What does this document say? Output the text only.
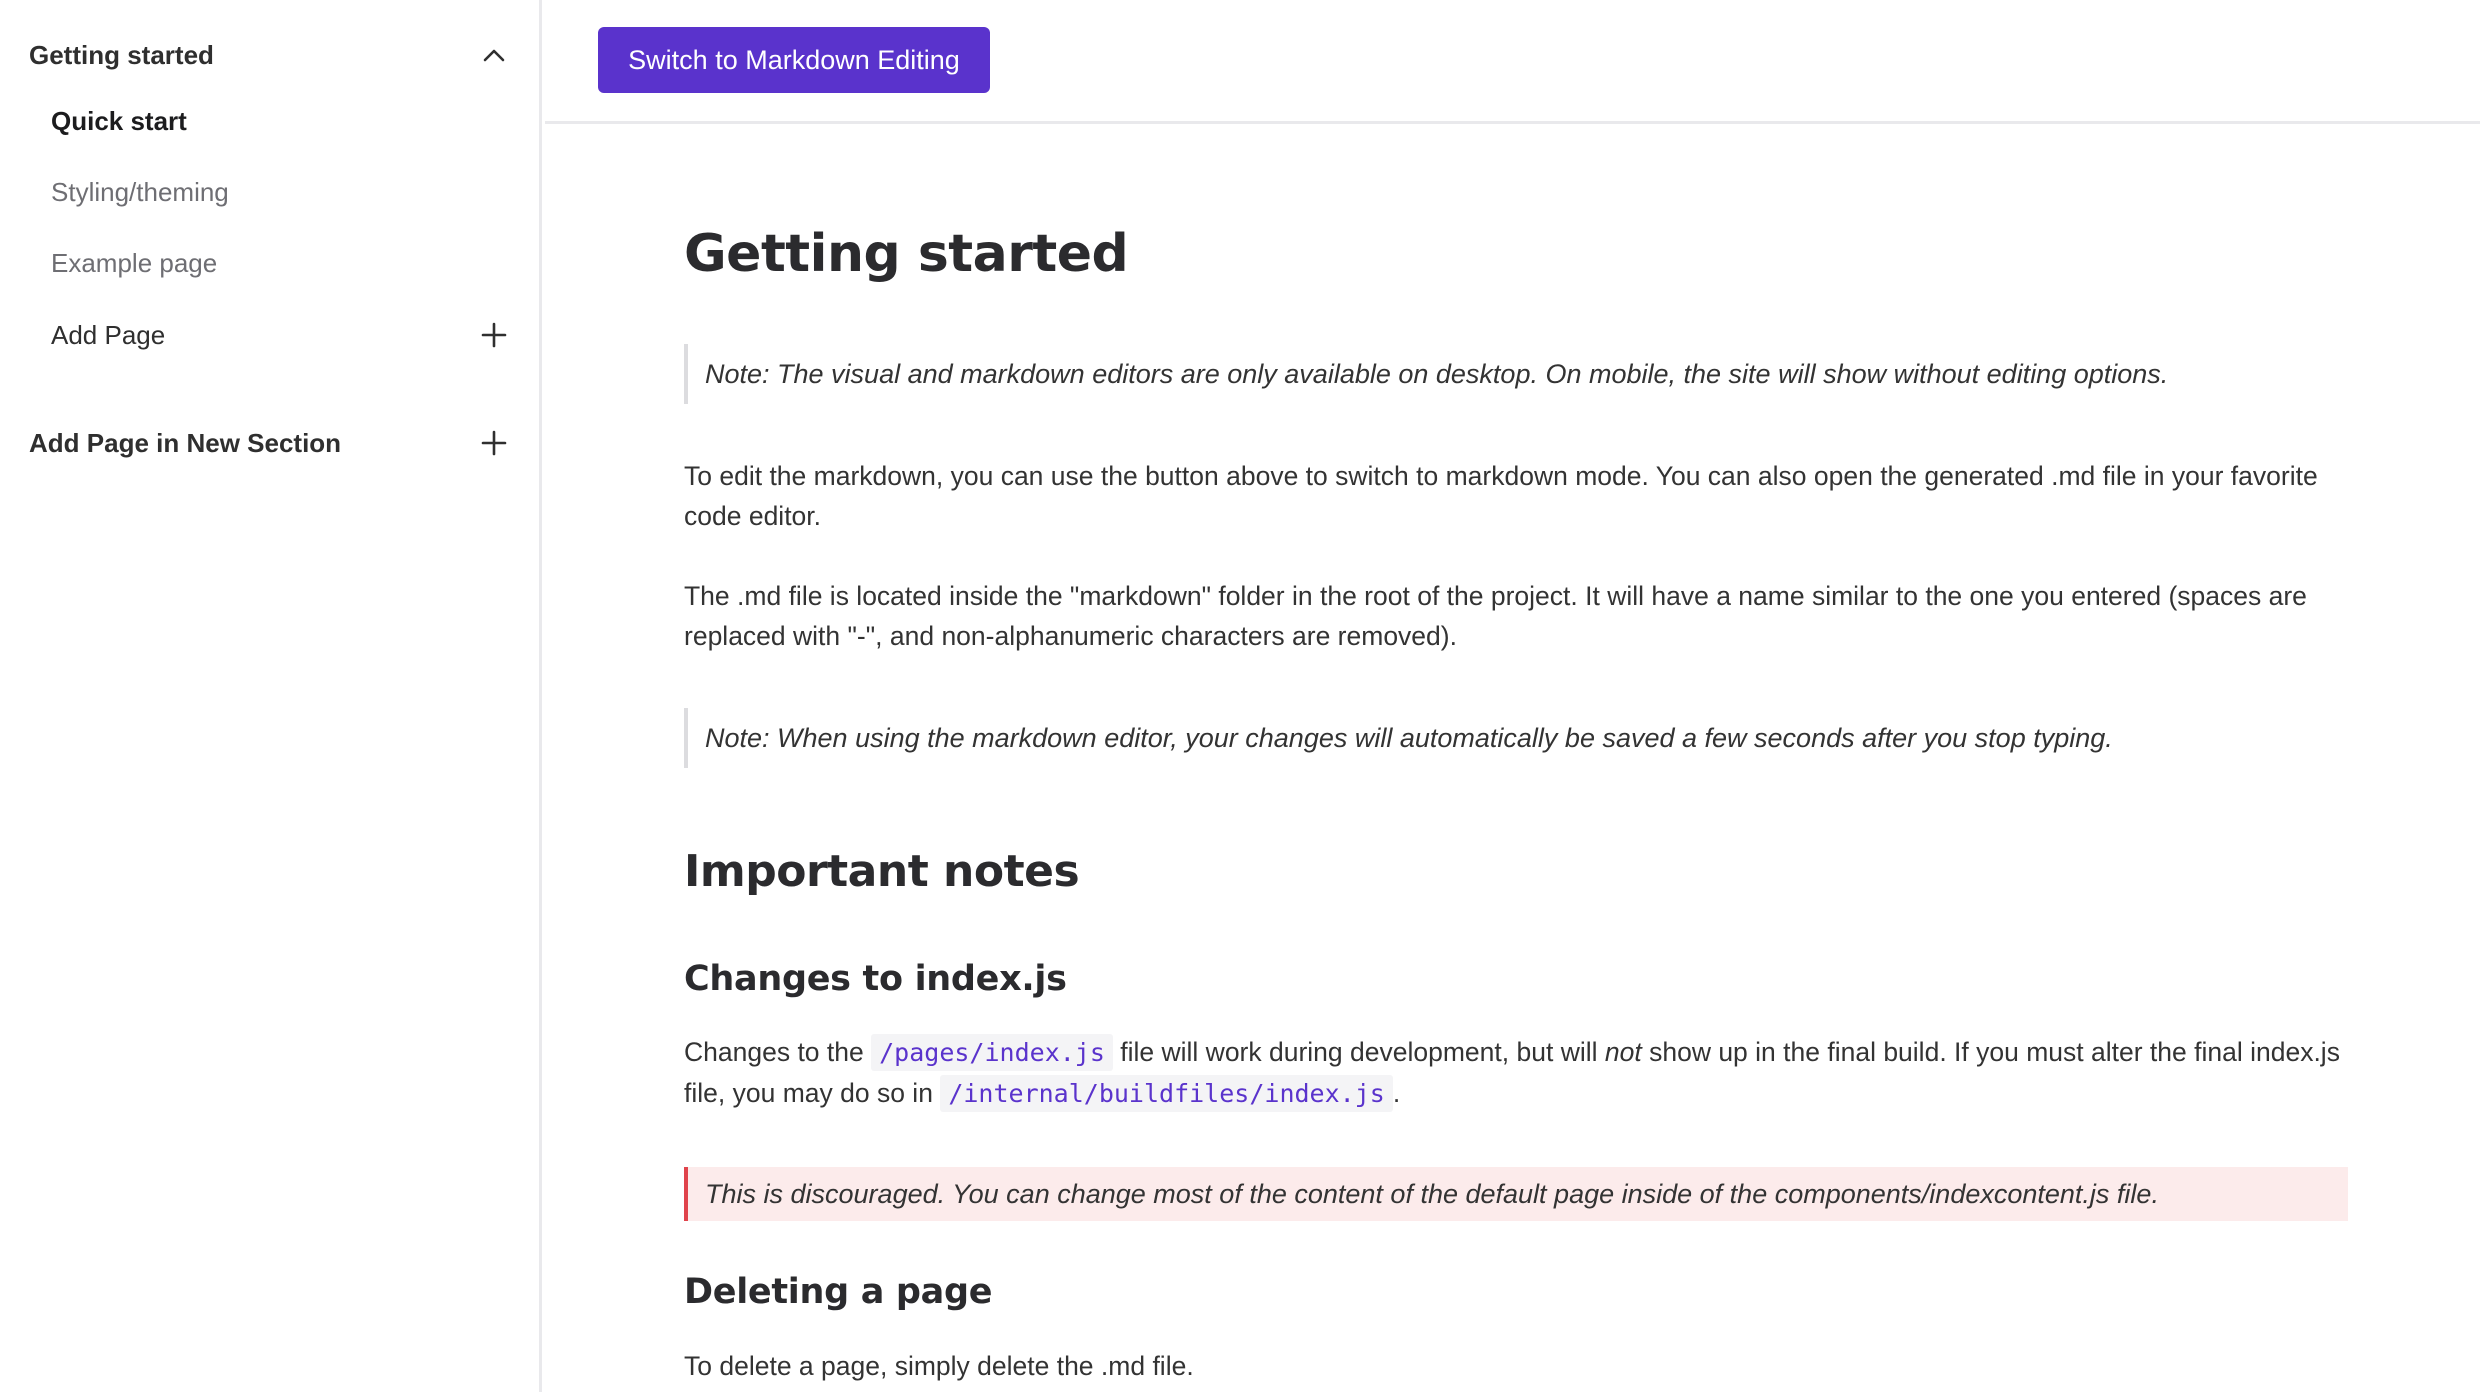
Getting started
Quick start
Styling/theming
Example page
Add Page
Add Page in New Section
Switch to Markdown Editing
Getting started
Note: The visual and markdown editors are only available on desktop. On mobile, the site will show without editing options.

To edit the markdown, you can use the button above to switch to markdown mode. You can also open the generated .md file in your favorite code editor.

The .md file is located inside the "markdown" folder in the root of the project. It will have a name similar to the one you entered (spaces are replaced with "-", and non-alphanumeric characters are removed).

Note: When using the markdown editor, your changes will automatically be saved a few seconds after you stop typing.
Important notes
Changes to index.js

Changes to the /pages/index.js file will work during development, but will not show up in the final build. If you must alter the final index.js file, you may do so in /internal/buildfiles/index.js .

This is discouraged. You can change most of the content of the default page inside of the components/indexcontent.js file.
Deleting a page

To delete a page, simply delete the .md file.
